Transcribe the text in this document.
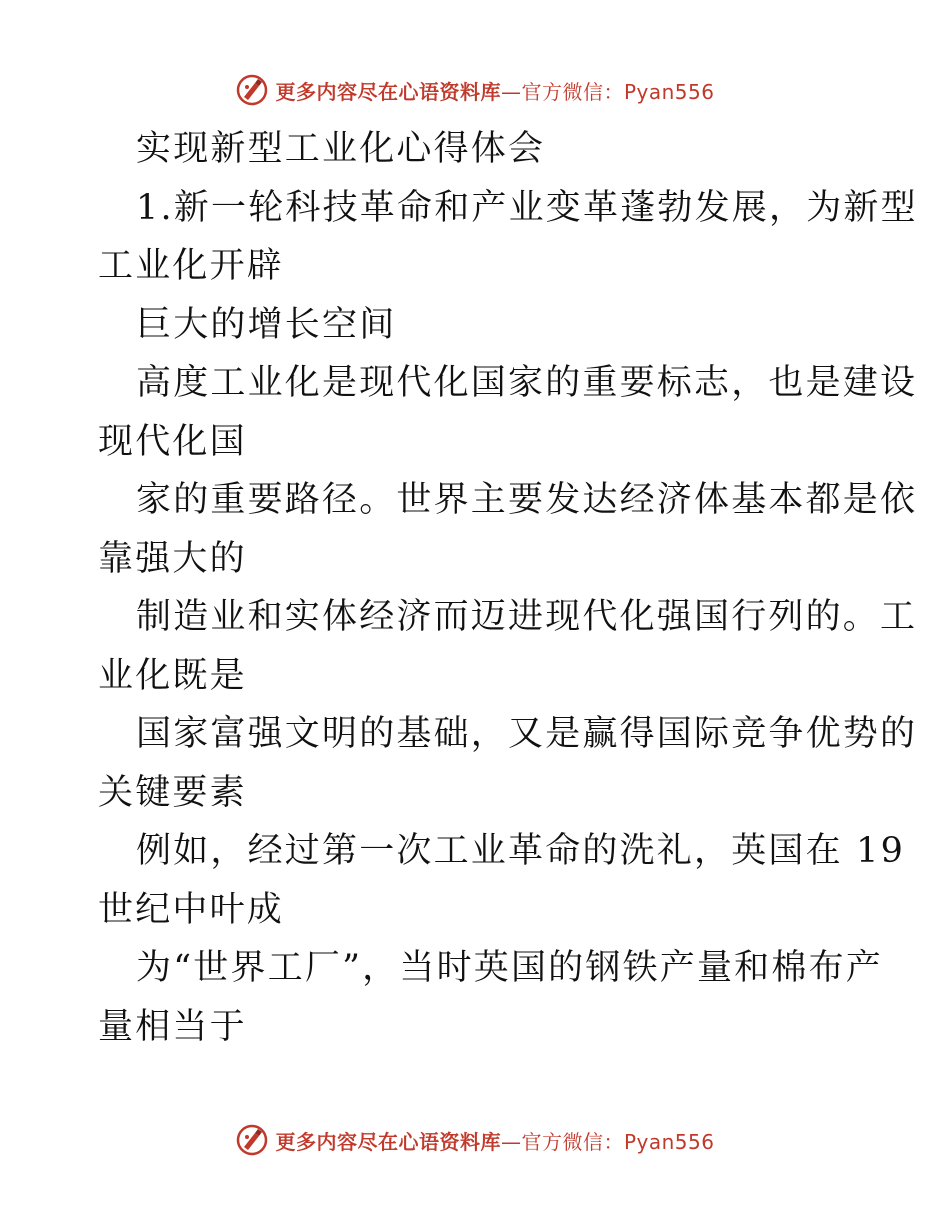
更多内容尽在心语资料库—官方微信：Pyan556
实现新型工业化心得体会
1.新一轮科技革命和产业变革蓬勃发展，为新型
工业化开辟
巨大的增长空间
高度工业化是现代化国家的重要标志，也是建设
现代化国
家的重要路径。世界主要发达经济体基本都是依
靠强大的
制造业和实体经济而迈进现代化强国行列的。工
业化既是
国家富强文明的基础，又是赢得国际竞争优势的
关键要素
例如，经过第一次工业革命的洗礼，英国在 19
世纪中叶成
为“世界工厂”，当时英国的钢铁产量和棉布产
量相当于
更多内容尽在心语资料库—官方微信：Pyan556
